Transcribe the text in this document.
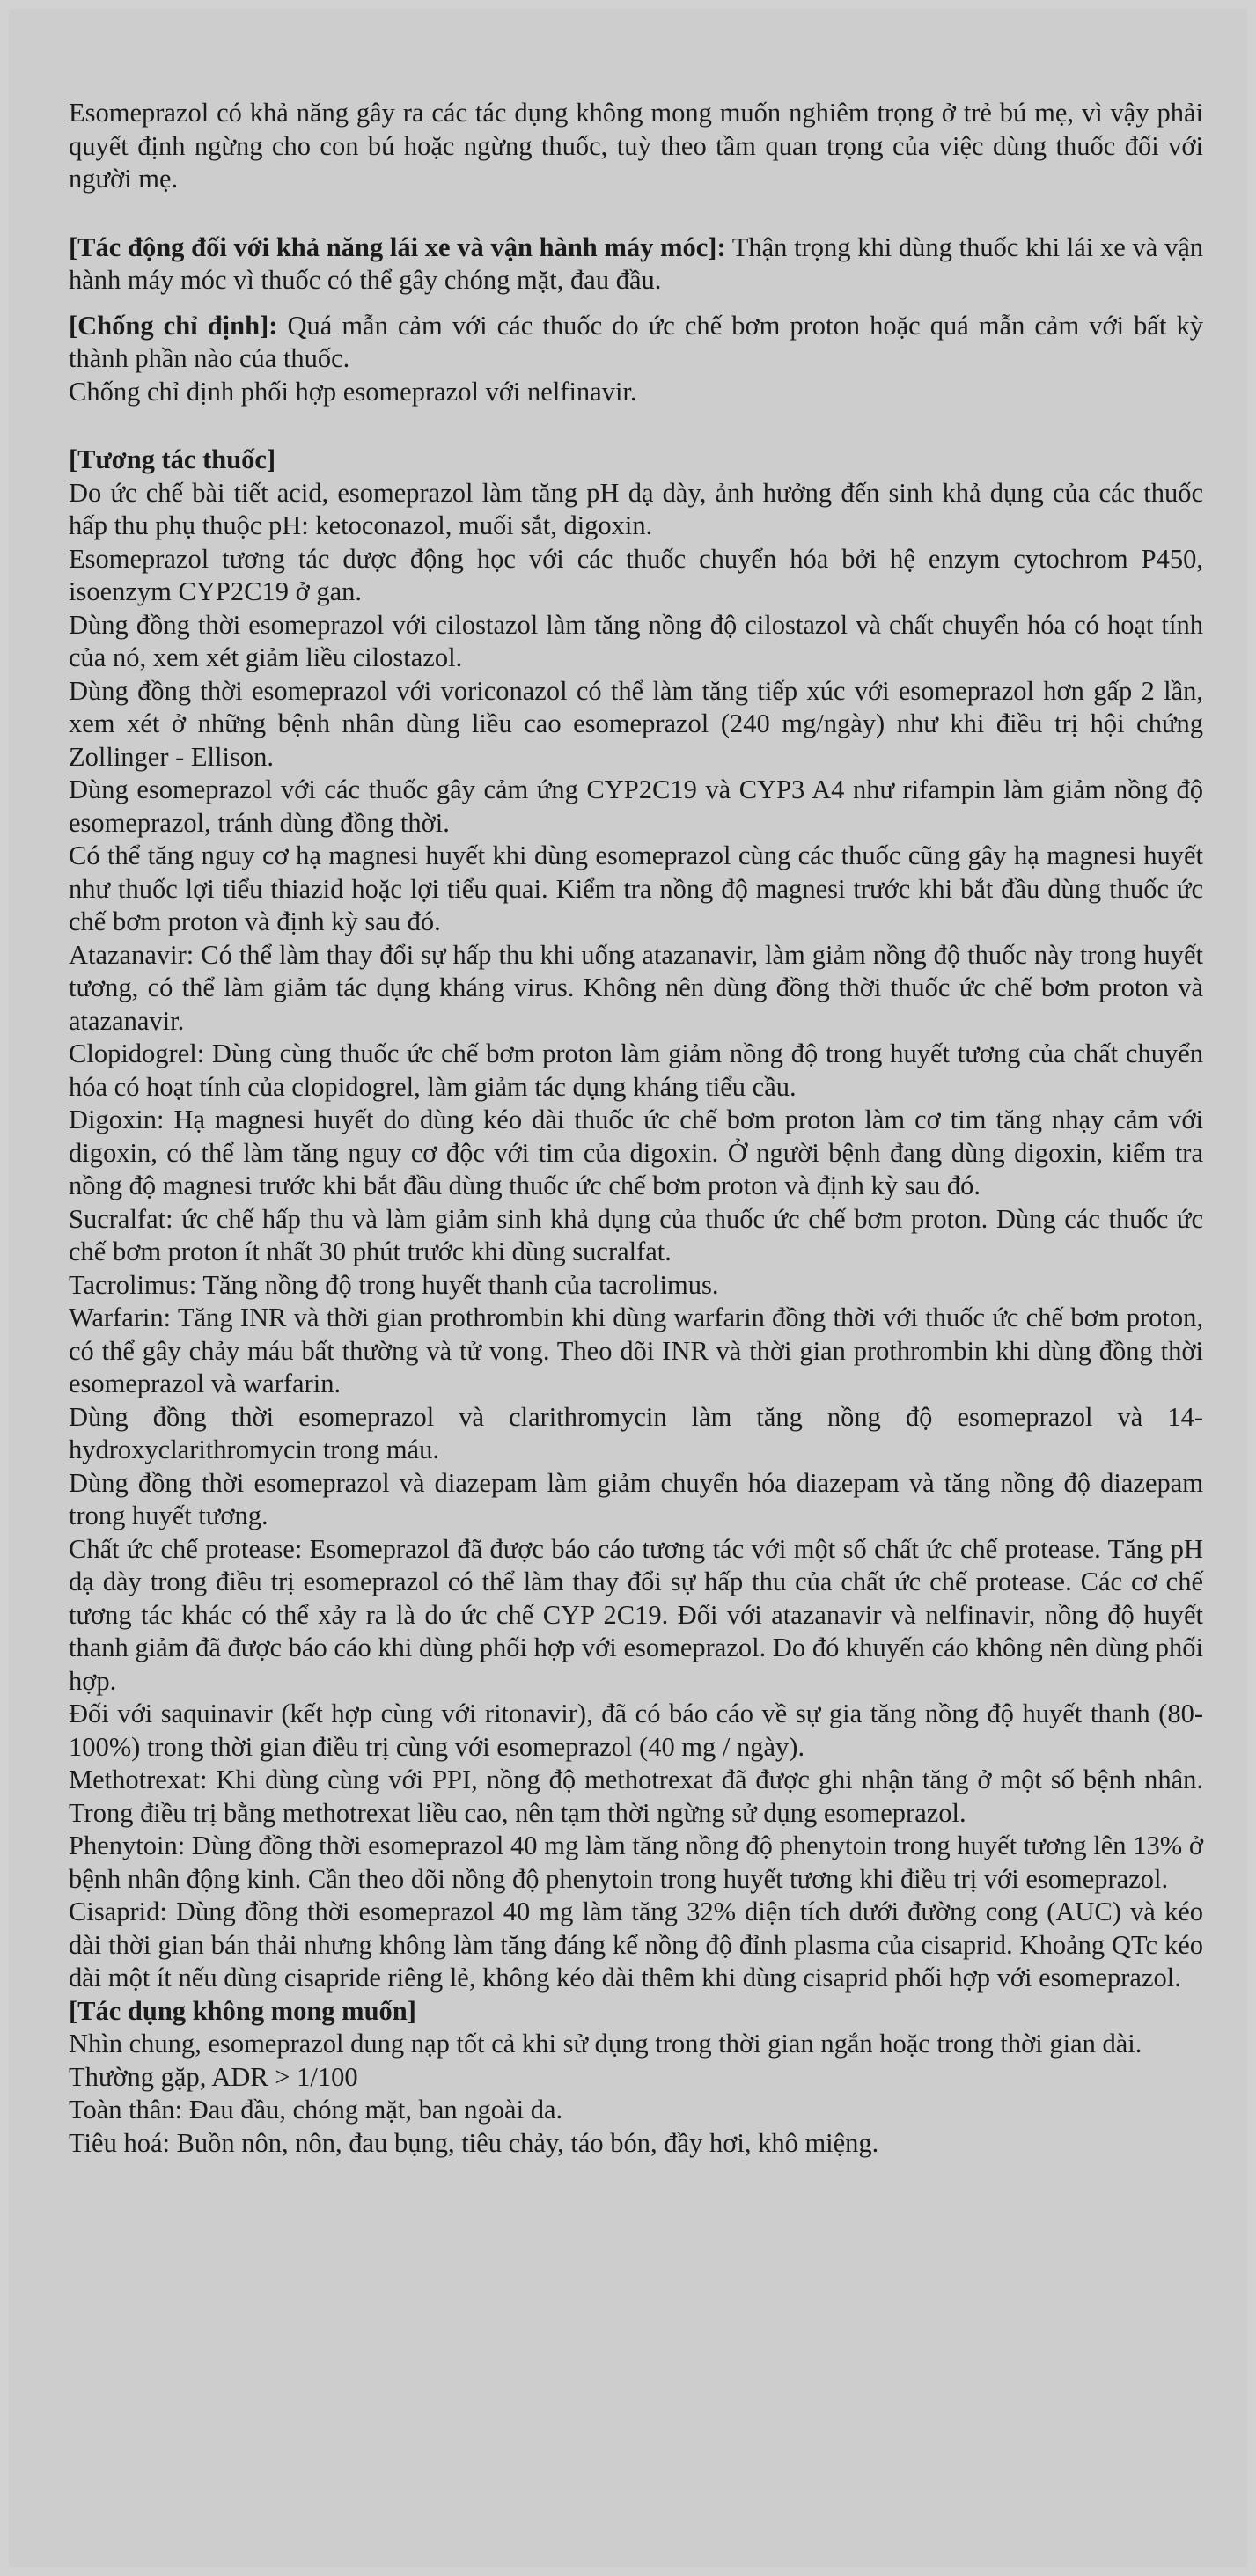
Esomeprazol có khả năng gây ra các tác dụng không mong muốn nghiêm trọng ở trẻ bú mẹ, vì vậy phải quyết định ngừng cho con bú hoặc ngừng thuốc, tuỳ theo tầm quan trọng của việc dùng thuốc đối với người mẹ.

[Tác động đối với khả năng lái xe và vận hành máy móc]: Thận trọng khi dùng thuốc khi lái xe và vận hành máy móc vì thuốc có thể gây chóng mặt, đau đầu.

[Chống chỉ định]: Quá mẫn cảm với các thuốc do ức chế bơm proton hoặc quá mẫn cảm với bất kỳ thành phần nào của thuốc.

Chống chỉ định phối hợp esomeprazol với nelfinavir.

[Tương tác thuốc]

Do ức chế bài tiết acid, esomeprazol làm tăng pH dạ dày, ảnh hưởng đến sinh khả dụng của các thuốc hấp thu phụ thuộc pH: ketoconazol, muối sắt, digoxin.

Esomeprazol tương tác dược động học với các thuốc chuyển hóa bởi hệ enzym cytochrom P450, isoenzym CYP2C19 ở gan.

Dùng đồng thời esomeprazol với cilostazol làm tăng nồng độ cilostazol và chất chuyển hóa có hoạt tính của nó, xem xét giảm liều cilostazol.

Dùng đồng thời esomeprazol với voriconazol có thể làm tăng tiếp xúc với esomeprazol hơn gấp 2 lần, xem xét ở những bệnh nhân dùng liều cao esomeprazol (240 mg/ngày) như khi điều trị hội chứng Zollinger - Ellison.

Dùng esomeprazol với các thuốc gây cảm ứng CYP2C19 và CYP3 A4 như rifampin làm giảm nồng độ esomeprazol, tránh dùng đồng thời.

Có thể tăng nguy cơ hạ magnesi huyết khi dùng esomeprazol cùng các thuốc cũng gây hạ magnesi huyết như thuốc lợi tiểu thiazid hoặc lợi tiểu quai. Kiểm tra nồng độ magnesi trước khi bắt đầu dùng thuốc ức chế bơm proton và định kỳ sau đó.

Atazanavir: Có thể làm thay đổi sự hấp thu khi uống atazanavir, làm giảm nồng độ thuốc này trong huyết tương, có thể làm giảm tác dụng kháng virus. Không nên dùng đồng thời thuốc ức chế bơm proton và atazanavir.

Clopidogrel: Dùng cùng thuốc ức chế bơm proton làm giảm nồng độ trong huyết tương của chất chuyển hóa có hoạt tính của clopidogrel, làm giảm tác dụng kháng tiểu cầu.

Digoxin: Hạ magnesi huyết do dùng kéo dài thuốc ức chế bơm proton làm cơ tim tăng nhạy cảm với digoxin, có thể làm tăng nguy cơ độc với tim của digoxin. Ở người bệnh đang dùng digoxin, kiểm tra nồng độ magnesi trước khi bắt đầu dùng thuốc ức chế bơm proton và định kỳ sau đó.

Sucralfat: ức chế hấp thu và làm giảm sinh khả dụng của thuốc ức chế bơm proton. Dùng các thuốc ức chế bơm proton ít nhất 30 phút trước khi dùng sucralfat.

Tacrolimus: Tăng nồng độ trong huyết thanh của tacrolimus.

Warfarin: Tăng INR và thời gian prothrombin khi dùng warfarin đồng thời với thuốc ức chế bơm proton, có thể gây chảy máu bất thường và tử vong. Theo dõi INR và thời gian prothrombin khi dùng đồng thời esomeprazol và warfarin.

Dùng đồng thời esomeprazol và clarithromycin làm tăng nồng độ esomeprazol và 14-hydroxyclarithromycin trong máu.

Dùng đồng thời esomeprazol và diazepam làm giảm chuyển hóa diazepam và tăng nồng độ diazepam trong huyết tương.

Chất ức chế protease: Esomeprazol đã được báo cáo tương tác với một số chất ức chế protease. Tăng pH dạ dày trong điều trị esomeprazol có thể làm thay đổi sự hấp thu của chất ức chế protease. Các cơ chế tương tác khác có thể xảy ra là do ức chế CYP 2C19. Đối với atazanavir và nelfinavir, nồng độ huyết thanh giảm đã được báo cáo khi dùng phối hợp với esomeprazol. Do đó khuyến cáo không nên dùng phối hợp.

Đối với saquinavir (kết hợp cùng với ritonavir), đã có báo cáo về sự gia tăng nồng độ huyết thanh (80-100%) trong thời gian điều trị cùng với esomeprazol (40 mg / ngày).

Methotrexat: Khi dùng cùng với PPI, nồng độ methotrexat đã được ghi nhận tăng ở một số bệnh nhân. Trong điều trị bằng methotrexat liều cao, nên tạm thời ngừng sử dụng esomeprazol.

Phenytoin: Dùng đồng thời esomeprazol 40 mg làm tăng nồng độ phenytoin trong huyết tương lên 13% ở bệnh nhân động kinh. Cần theo dõi nồng độ phenytoin trong huyết tương khi điều trị với esomeprazol.

Cisaprid: Dùng đồng thời esomeprazol 40 mg làm tăng 32% diện tích dưới đường cong (AUC) và kéo dài thời gian bán thải nhưng không làm tăng đáng kể nồng độ đỉnh plasma của cisaprid. Khoảng QTc kéo dài một ít nếu dùng cisapride riêng lẻ, không kéo dài thêm khi dùng cisaprid phối hợp với esomeprazol.

[Tác dụng không mong muốn]

Nhìn chung, esomeprazol dung nạp tốt cả khi sử dụng trong thời gian ngắn hoặc trong thời gian dài.

Thường gặp, ADR > 1/100

Toàn thân: Đau đầu, chóng mặt, ban ngoài da.

Tiêu hoá: Buồn nôn, nôn, đau bụng, tiêu chảy, táo bón, đầy hơi, khô miệng.
